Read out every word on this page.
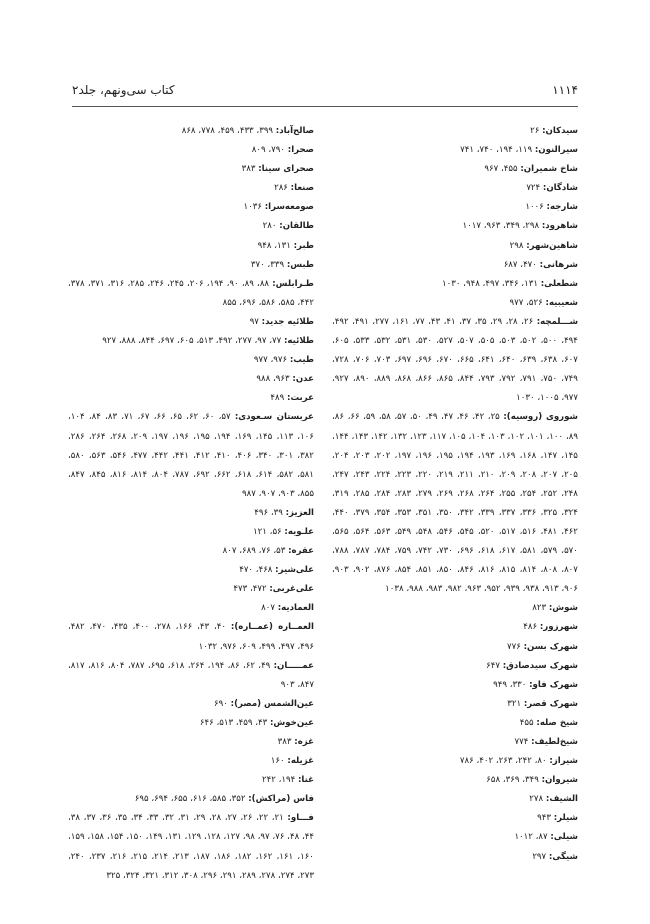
۱۱۱۴
کتاب سی‌ونهم، جلد۲

سیدکان: ۲۶

سیرالنون: ۱۱۹، ۱۹۴، ۷۴۰، ۷۴۱

شاخ شمیران: ۴۵۵، ۹۶۷

شادگان: ۷۲۴

شارجه: ۱۰۰۶

شاهرود: ۲۹۸، ۳۴۹، ۹۶۳، ۱۰۱۷

شاهین‌شهر: ۲۹۸

شرهانی: ۴۷۰، ۶۸۷

شطعلی: ۱۳۱، ۳۴۶، ۴۹۷، ۹۴۸، ۱۰۳۰

شعیبیه: ۵۲۶، ۹۷۷

شـــلمچه: ۲۶، ۲۸، ۲۹، ۳۵، ۳۷، ۴۱، ۴۳، ۷۷، ۱۶۱، ۲۷۷، ۴۹۱، ۴۹۲، ۴۹۴، ۵۰۰، ۵۰۲، ۵۰۳، ۵۰۵، ۵۰۷، ۵۲۷، ۵۳۰، ۵۳۱، ۵۳۲، ۵۳۳، ۶۰۵، ۶۰۷، ۶۳۸، ۶۳۹، ۶۴۰، ۶۴۱، ۶۶۵، ۶۷۰، ۶۹۶، ۶۹۷، ۷۰۳، ۷۰۶، ۷۲۸، ۷۴۹، ۷۵۰، ۷۹۱، ۷۹۲، ۷۹۳، ۸۴۴، ۸۶۵، ۸۶۶، ۸۶۸، ۸۸۹، ۸۹۰، ۹۲۷، ۹۷۷، ۱۰۰۵، ۱۰۳۰

شوروی (روسیه): ۲۵، ۴۲، ۴۶، ۴۷، ۴۹، ۵۰، ۵۷، ۵۸، ۵۹، ۶۶، ۸۶، ۸۹، ۱۰۰، ۱۰۱، ۱۰۲، ۱۰۳، ۱۰۴، ۱۰۵، ۱۱۷، ۱۲۳، ۱۳۲، ۱۴۲، ۱۴۳، ۱۴۴، ۱۴۵، ۱۴۷، ۱۶۸، ۱۶۹، ۱۹۳، ۱۹۴، ۱۹۵، ۱۹۶، ۱۹۷، ۲۰۲، ۲۰۳، ۲۰۴، ۲۰۵، ۲۰۷، ۲۰۸، ۲۰۹، ۲۱۰، ۲۱۱، ۲۱۹، ۲۲۰، ۲۲۳، ۲۲۴، ۲۴۳، ۲۴۷، ۲۴۸، ۲۵۲، ۲۵۴، ۲۵۵، ۲۶۴، ۲۶۸، ۲۶۹، ۲۷۹، ۲۸۳، ۲۸۴، ۲۸۵، ۳۱۹، ۳۲۴، ۳۲۵، ۳۳۶، ۳۳۷، ۳۳۹، ۳۴۲، ۳۵۰، ۳۵۱، ۳۵۳، ۳۵۴، ۳۷۹، ۴۴۰، ۴۶۲، ۴۸۱، ۵۱۶، ۵۱۷، ۵۲۰، ۵۴۵، ۵۴۶، ۵۴۸، ۵۴۹، ۵۶۳، ۵۶۴، ۵۶۵، ۵۷۰، ۵۷۹، ۵۸۱، ۶۱۷، ۶۱۸، ۶۹۶، ۷۳۰، ۷۴۲، ۷۵۹، ۷۸۴، ۷۸۷، ۷۸۸، ۸۰۷، ۸۰۸، ۸۱۴، ۸۱۵، ۸۱۶، ۸۴۶، ۸۵۰، ۸۵۱، ۸۵۴، ۸۷۶، ۹۰۲، ۹۰۳، ۹۰۶، ۹۱۳، ۹۳۸، ۹۳۹، ۹۵۲، ۹۶۳، ۹۸۲، ۹۸۳، ۹۸۸، ۱۰۳۸

شوش: ۸۲۳

شهرزور: ۴۸۶

شهرک بسن: ۷۷۶

شهرک سیدصادق: ۶۴۷

شهرک فاو: ۳۳۰، ۹۴۹

شهرک قصر: ۳۲۱

شیخ صله: ۴۵۵

شیخ‌لطیف: ۷۷۴

شیراز: ۸۰، ۲۴۲، ۲۶۳، ۴۰۲، ۷۸۶

شیروان: ۳۴۹، ۳۶۹، ۶۵۸

الشیف: ۲۷۸

شیلر: ۹۴۳

شیلی: ۸۷، ۱۰۱۲

شیگی: ۲۹۷

صالح‌آباد: ۳۹۹، ۴۳۳، ۴۵۹، ۷۷۸، ۸۶۸

صحرا: ۷۹۰، ۸۰۹

صحرای سینا: ۳۸۳

صنعا: ۲۸۶

صومعه‌سرا: ۱۰۳۶

طالقان: ۲۸۰

طبر: ۱۳۱، ۹۴۸

طبس: ۳۳۹، ۳۷۰

طـرابلس: ۸۸، ۸۹، ۹۰، ۱۹۴، ۲۰۶، ۲۴۵، ۲۴۶، ۲۸۵، ۳۱۶، ۳۷۱، ۳۷۸، ۴۴۲، ۵۸۵، ۵۸۶، ۶۹۶، ۸۵۵

طلائیه جدید: ۹۷

طلائیه: ۷۷، ۹۷، ۲۷۷، ۴۹۲، ۵۱۳، ۶۰۵، ۶۹۷، ۸۴۴، ۸۸۸، ۹۲۷

طیب: ۹۷۶، ۹۷۷

عدن: ۹۶۳، ۹۸۸

عربت: ۴۸۹

عربستان سـعودی: ۵۷، ۶۰، ۶۲، ۶۵، ۶۶، ۶۷، ۷۱، ۸۳، ۸۴، ۱۰۴، ۱۰۶، ۱۱۳، ۱۴۵، ۱۶۹، ۱۹۴، ۱۹۵، ۱۹۶، ۱۹۷، ۲۰۹، ۲۶۸، ۲۶۴، ۲۸۶، ۳۸۲، ۳۰۱، ۳۴۰، ۴۰۶، ۴۱۰، ۴۱۲، ۴۴۱، ۴۴۲، ۴۷۷، ۵۴۶، ۵۶۳، ۵۸۰، ۵۸۱، ۵۸۲، ۶۱۴، ۶۱۸، ۶۶۲، ۶۹۲، ۷۸۷، ۸۰۴، ۸۱۴، ۸۱۶، ۸۴۵، ۸۴۷، ۸۵۵، ۹۰۳، ۹۰۷، ۹۸۷

العزیز: ۳۹، ۴۹۶

علـویه: ۵۶، ۱۲۱

عقره: ۵۳، ۷۶، ۶۸۹، ۸۰۷

علی‌شیر: ۴۶۸، ۴۷۰

علی‌غربی: ۴۷۲، ۴۷۳

العمادیه: ۸۰۷

العمــاره (عمــاره): ۴۰، ۴۳، ۱۶۶، ۲۷۸، ۴۰۰، ۴۳۵، ۴۷۰، ۴۸۲، ۴۹۶، ۴۹۷، ۴۹۹، ۶۰۹، ۹۷۶، ۱۰۳۲

عمـــــان: ۴۹، ۶۲، ۸۶، ۱۹۴، ۲۶۴، ۶۱۸، ۶۹۵، ۷۸۷، ۸۰۴، ۸۱۶، ۸۱۷، ۸۴۷، ۹۰۳

عین‌الشمس (مصر): ۶۹۰

عین‌خوش: ۴۳، ۴۵۹، ۵۱۳، ۶۴۶

غزه: ۳۸۳

غزیله: ۱۶۰

غنا: ۱۹۴، ۲۴۲

فاس (مراکش): ۳۵۲، ۵۸۵، ۶۱۶، ۶۵۵، ۶۹۴، ۶۹۵

فـــاو: ۲۱، ۲۲، ۲۶، ۲۷، ۲۸، ۲۹، ۳۱، ۳۲، ۳۳، ۳۴، ۳۵، ۳۶، ۳۷، ۳۸، ۴۴، ۴۸، ۷۶، ۹۷، ۹۸، ۱۲۷، ۱۲۸، ۱۲۹، ۱۳۱، ۱۴۹، ۱۵۰، ۱۵۴، ۱۵۸، ۱۵۹، ۱۶۰، ۱۶۱، ۱۶۲، ۱۸۲، ۱۸۶، ۱۸۷، ۲۱۳، ۲۱۴، ۲۱۵، ۲۱۶، ۲۳۷، ۲۴۰، ۲۷۳، ۲۷۴، ۲۷۸، ۲۸۹، ۲۹۱، ۲۹۶، ۳۰۸، ۳۱۲، ۳۲۱، ۳۲۴، ۳۲۵
